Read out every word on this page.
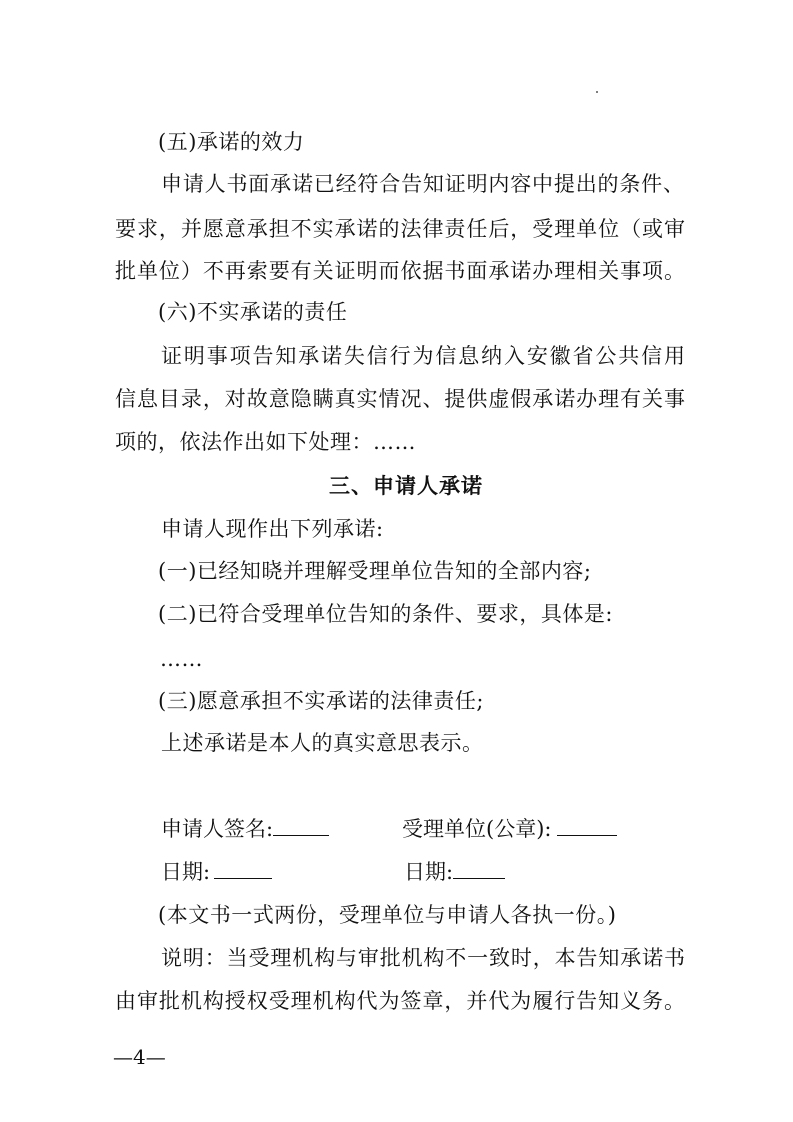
(五)承诺的效力
申请人书面承诺已经符合告知证明内容中提出的条件、
要求，并愿意承担不实承诺的法律责任后，受理单位（或审
批单位）不再索要有关证明而依据书面承诺办理相关事项。
(六)不实承诺的责任
证明事项告知承诺失信行为信息纳入安徽省公共信用
信息目录，对故意隐瞒真实情况、提供虚假承诺办理有关事
项的，依法作出如下处理：……
三、申请人承诺
申请人现作出下列承诺:
(一)已经知晓并理解受理单位告知的全部内容;
(二)已符合受理单位告知的条件、要求，具体是:
……
(三)愿意承担不实承诺的法律责任;
上述承诺是本人的真实意思表示。
申请人签名:	受理单位(公章):
日期:	日期:
(本文书一式两份，受理单位与申请人各执一份。)
说明：当受理机构与审批机构不一致时，本告知承诺书
由审批机构授权受理机构代为签章，并代为履行告知义务。
—4—
